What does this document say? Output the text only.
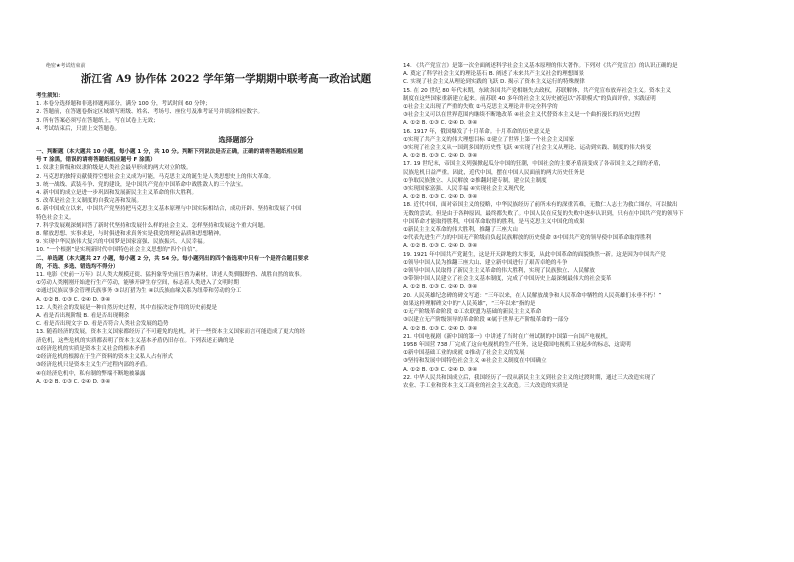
绝密★考试结束前
浙江省 A9 协作体 2022 学年第一学期期中联考高一政治试题
考生须知：
1. 本卷分选择题和非选择题两部分，满分 100 分，考试时间 60 分钟；
2. 答题前，在答题卷指定区域填写班级、姓名、考场号、座位号及准考证号并填涂相应数字。
3. 所有答案必须写在答题纸上，写在试卷上无效；
4. 考试结束后，只需上交答题卷。
选择题部分
一、判断题（本大题共 10 小题，每小题 1 分，共 10 分。判断下列说法是否正确，正确的请将答题纸相应题
号 T 涂黑，错误的请将答题纸相应题号 F 涂黑）
1. 奴隶主阶级和奴隶阶级是人类社会最早形成的两大对立阶级。
2. 马克思的独特贡献使得空想社会主义成为可能，马克思主义的诞生是人类思想史上的伟大革命。
3. 统一战线、武装斗争、党的建设，是中国共产党在中国革命中战胜敌人的三个法宝。
4. 新中国的成立是进一步巩固和发展新民主主义革命的伟大胜利。
5. 改革是社会主义制度的自我完善和发展。
6. 新中国成立以来，中国共产党坚持把马克思主义基本原理与中国实际相结合，成功开辟、坚持和发展了中国
特色社会主义。
7. 科学发展观深刻回答了新时代坚持和发展什么样的社会主义、怎样坚持和发展这个重大问题。
8. 解放思想、实事求是，与时俱进和求真务实是我党的理论品质和思想精神。
9. 实现中华民族伟大复兴的中国梦是国家富强、民族振兴、人民幸福。
10. “一个根据”是实现新时代中国特色社会主义思想的“四个自信”。
二、单选题（本大题共 27 小题，每小题 2 分，共 54 分。每小题列出的四个备选项中只有一个是符合题目要求
的，不选、多选、错选均不得分）
11. 电影《史前一万年》以人类大规模迁徙、猛犸象等史前巨兽为素材，讲述人类驯服野兽、战胜自然的故事。
①劳动人类刚刚开始进行生产劳动，能够开辟生存空间，标志着人类进入了文明时期
②通过民族议事会管理氏族事务 ③以打猎为生 ④以氏族血缘关系为纽带和劳动的分工
A. ①② B. ①③ C. ②④ D. ③④
12. 人类社会的发展是一种自然历史过程，其中直接决定作用的历史前提是
A. 看是否出现阶级 B. 看是否出现剩余
C. 看是否出现文字 D. 看是否符合人类社会发展的趋势
13. 随着经济的发展，资本主义国家都经历了不可避免的危机，对于一些资本主义国家而言可能造成了更大的经
济危机，这些危机的实质都表明了资本主义基本矛盾仍旧存在。下列表述正确的是
①经济危机的实质是资本主义社会的根本矛盾
②经济危机的根源在于生产资料的资本主义私人占有形式
③经济危机只是资本主义生产过程内部的矛盾。
④在经济危机中，私有制的弊端不断地被暴露
A. ①② B. ①③ C. ②④ D. ③④
14. 《共产党宣言》是第一次全面阐述科学社会主义基本原理的伟大著作。下列对《共产党宣言》的认识正确的是
A. 奠定了科学社会主义的理论基石 B. 阐述了未来共产主义社会的理想图景
C. 实现了社会主义从理论到实践的飞跃 D. 揭示了资本主义运行的特殊规律
15. 在 20 世纪 80 年代末期，东欧各国共产党相继失去政权，苏联解体，共产党宣布放弃社会主义。资本主义
制度在这些国家重新建立起来。前苏联 40 多年的社会主义历史被冠以“苏联模式”的负面评价，实践证明
①社会主义出现了严重的失败 ②马克思主义理论并非完全科学的
③社会主义可以在世界范围内继续不断地改革 ④社会主义代替资本主义是一个曲折漫长的历史过程
A. ①② B. ①③ C. ②④ D. ③④
16. 1917 年，俄国爆发了十月革命。十月革命的历史意义是
①实现了共产主义的伟大理想目标 ②建立了世界上第一个社会主义国家
③实现了社会主义从一国到多国的历史性飞跃 ④实现了社会主义从理论、运动到实践、制度的伟大转变
A. ①② B. ①③ C. ②④ D. ③④
17. 19 世纪末，帝国主义列强掀起瓜分中国的狂潮，中国社会的主要矛盾演变成了各帝国主义之间的矛盾，
民族危机日益严重。因此，近代中国，摆在中国人民面前的两大历史任务是
①争取民族独立、人民解放 ②推翻封建专制，建立民主制度
③实现国家富强、人民幸福 ④实现社会主义现代化
A. ①② B. ①③ C. ②④ D. ③④
18. 近代中国，面对帝国主义的侵略，中华民族经历了前所未有的深重苦难，无数仁人志士为救亡图存，可以做出
无数的尝试。但是由于各种原因，最终都失败了。中国人民在反复的失败中逐步认识到，只有在中国共产党的领导下
中国革命才能取得胜利，中国革命取得的胜利，是马克思主义中国化的成果
①新民主主义革命的伟大胜利，推翻了三座大山
②代表先进生产力的中国无产阶级肩负起民族解放的历史使命 ③中国共产党的领导使中国革命取得胜利
A. ①② B. ①③ C. ②④ D. ③④
19. 1921 年中国共产党诞生，这是开天辟地的大事变，从此中国革命的面貌焕然一新。这是因为中国共产党
①领导中国人民为推翻三座大山、建立新中国进行了艰苦卓绝的斗争
②领导中国人民取得了新民主主义革命的伟大胜利，实现了民族独立、人民解放
③带领中国人民建立了社会主义基本制度，完成了中国历史上最深刻最伟大的社会变革
A. ①② B. ①③ C. ②④ D. ③④
20. 人民英雄纪念碑的碑文写道：“三年以来，在人民解放战争和人民革命中牺牲的人民英雄们永垂不朽！”
如果这样理解碑文中的“人民英雄”，“三年以来”指的是
①无产阶级革命阶段 ②工农联盟为基础的新民主主义革命
③以建立无产阶级领导的革命阶段 ④属于世界无产阶级革命的一部分
A. ①② B. ①③ C. ②④ D. ③④
21. 中国电视剧《新中国的第一》中讲述了当时在广州试制的中国第一台国产电视机，
1958 年国营 738 厂完成了这台电视机的生产任务，这是我国电视机工业起步的标志，这说明
①新中国基础工业的成就 ②推动了社会主义的发展
③坚持和发展中国特色社会主义 ④社会主义制度在中国确立
A. ①② B. ①③ C. ②④ D. ③④
22. 中华人民共和国成立后，我国经历了一段从新民主主义到社会主义的过渡时期，通过三大改造实现了
农业、手工业和资本主义工商业的社会主义改造。三大改造的实质是
